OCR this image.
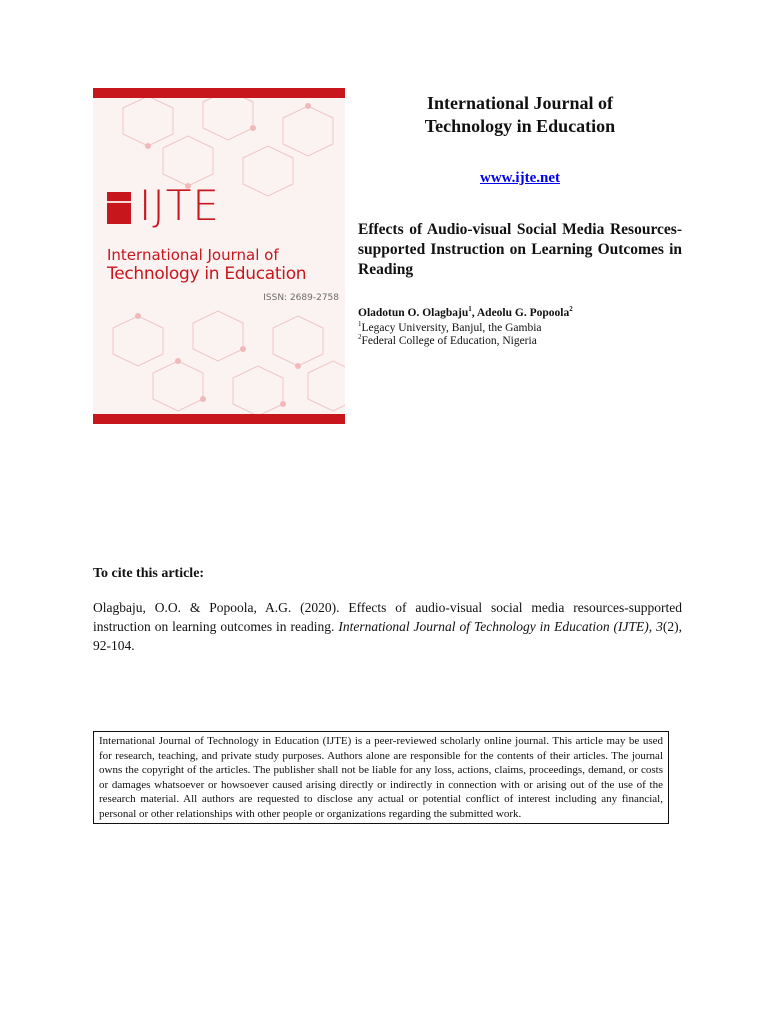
IJTE
International Journal of
Technology in Education
ISSN: 2689-2758
International Journal of
Technology in Education
www.ijte.net
Effects of Audio-visual Social Media Resources-supported Instruction on Learning Outcomes in Reading
Oladotun O. Olagbaju$^1$, Adeolu G. Popoola$^2$
$^1$Legacy University, Banjul, the Gambia
$^2$Federal College of Education, Nigeria
To cite this article:
Olagbaju, O.O. & Popoola, A.G. (2020). Effects of audio-visual social media resources-supported instruction on learning outcomes in reading. International Journal of Technology in Education (IJTE), 3(2), 92-104.
International Journal of Technology in Education (IJTE) is a peer-reviewed scholarly online journal. This article may be used for research, teaching, and private study purposes. Authors alone are responsible for the contents of their articles. The journal owns the copyright of the articles. The publisher shall not be liable for any loss, actions, claims, proceedings, demand, or costs or damages whatsoever or howsoever caused arising directly or indirectly in connection with or arising out of the use of the research material. All authors are requested to disclose any actual or potential conflict of interest including any financial, personal or other relationships with other people or organizations regarding the submitted work.
